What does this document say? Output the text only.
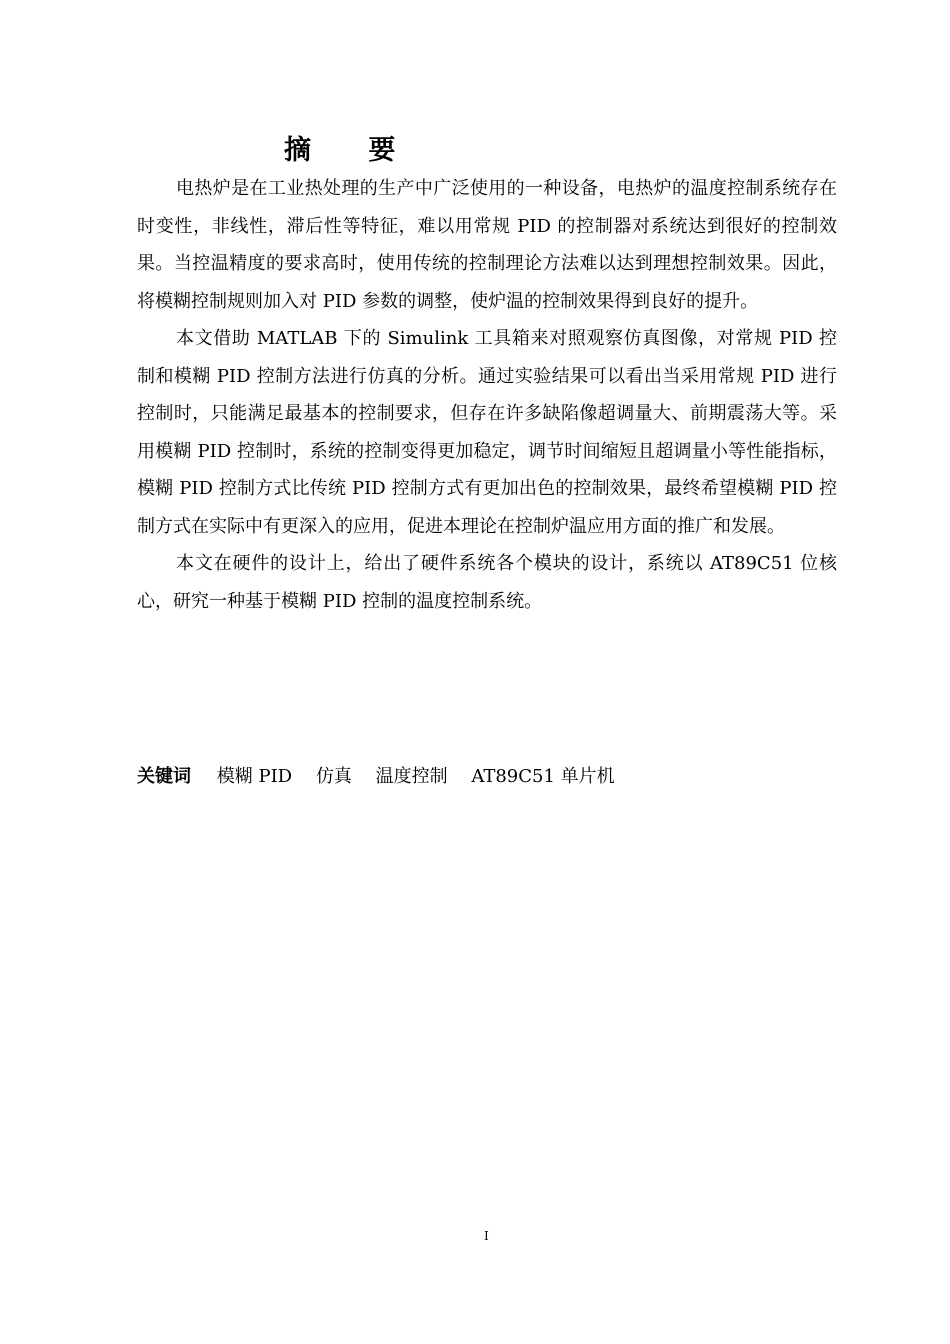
摘 要

电热炉是在工业热处理的生产中广泛使用的一种设备，电热炉的温度控制系统存在时变性，非线性，滞后性等特征，难以用常规 PID 的控制器对系统达到很好的控制效果。当控温精度的要求高时，使用传统的控制理论方法难以达到理想控制效果。因此，将模糊控制规则加入对 PID 参数的调整，使炉温的控制效果得到良好的提升。

本文借助 MATLAB 下的 Simulink 工具箱来对照观察仿真图像，对常规 PID 控制和模糊 PID 控制方法进行仿真的分析。通过实验结果可以看出当采用常规 PID 进行控制时，只能满足最基本的控制要求，但存在许多缺陷像超调量大、前期震荡大等。采用模糊 PID 控制时，系统的控制变得更加稳定，调节时间缩短且超调量小等性能指标，模糊 PID 控制方式比传统 PID 控制方式有更加出色的控制效果，最终希望模糊 PID 控制方式在实际中有更深入的应用，促进本理论在控制炉温应用方面的推广和发展。

本文在硬件的设计上，给出了硬件系统各个模块的设计，系统以 AT89C51 位核心，研究一种基于模糊 PID 控制的温度控制系统。

关键词 模糊 PID 仿真 温度控制 AT89C51 单片机
I
